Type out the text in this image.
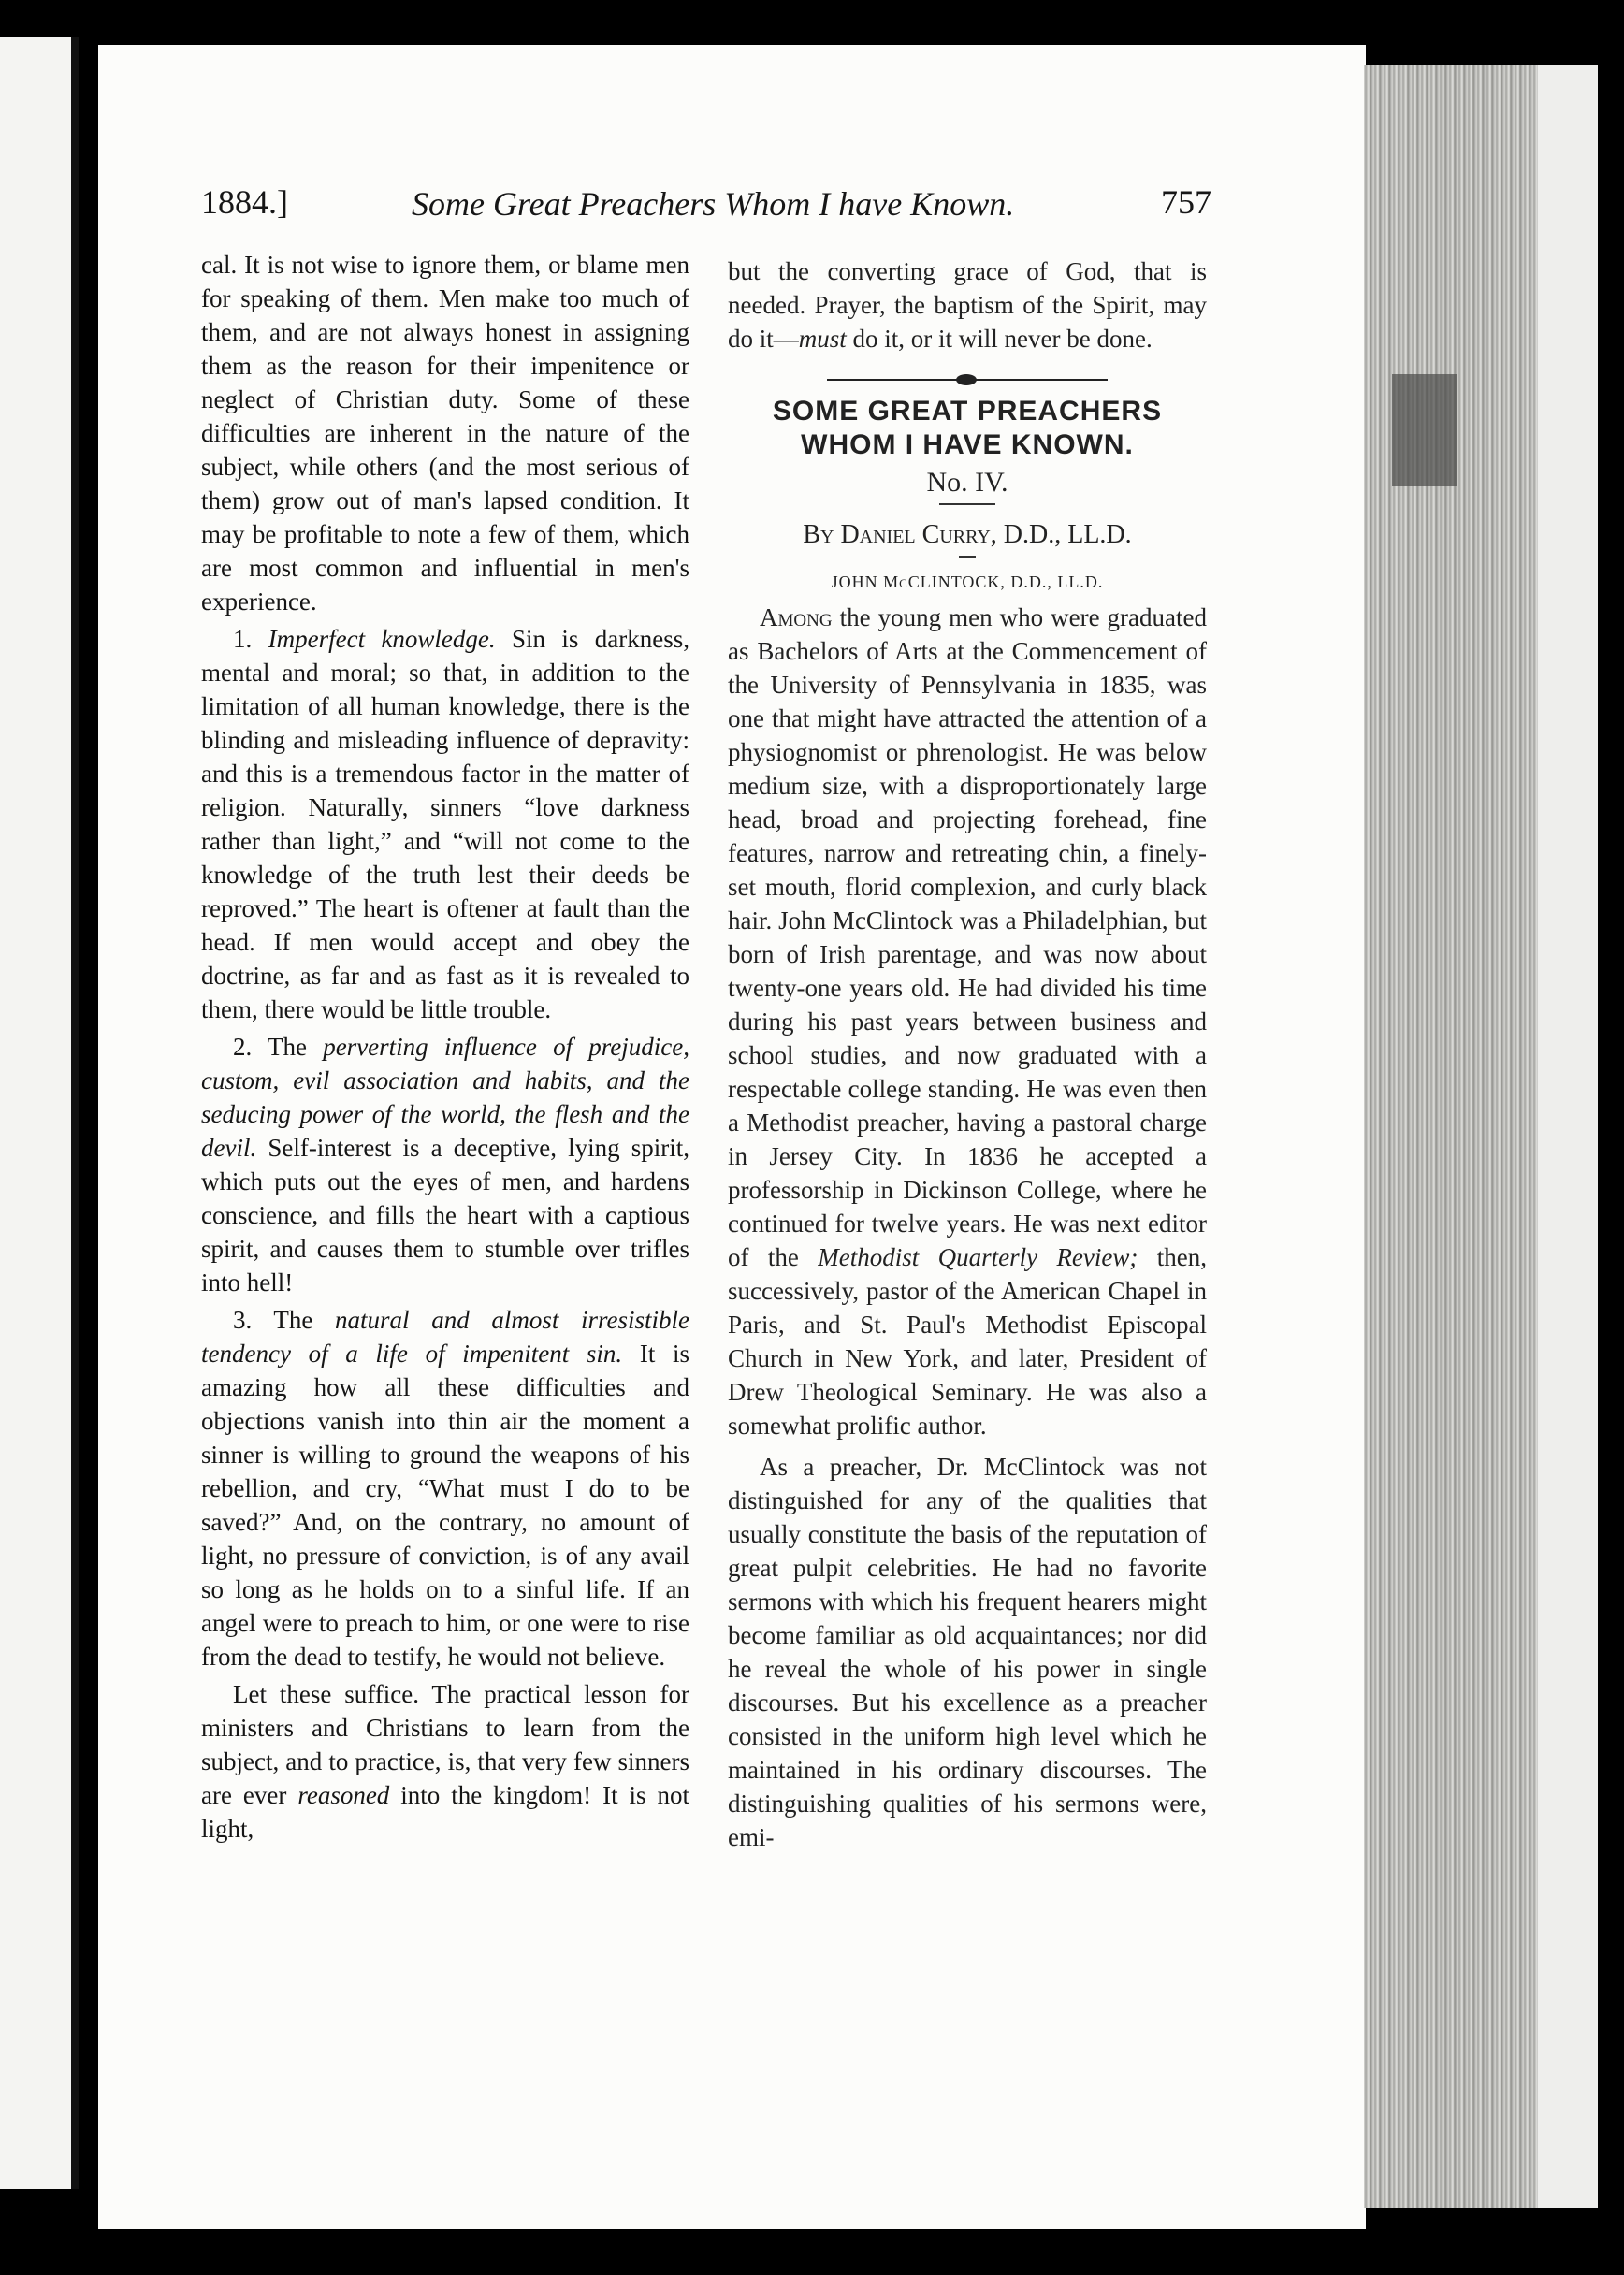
1884.]	Some Great Preachers Whom I have Known.	757

cal. It is not wise to ignore them, or blame men for speaking of them. Men make too much of them, and are not always honest in assigning them as the reason for their impenitence or neglect of Christian duty. Some of these difficulties are inherent in the nature of the subject, while others (and the most serious of them) grow out of man's lapsed condition. It may be profitable to note a few of them, which are most common and influential in men's experience.

1. Imperfect knowledge. Sin is darkness, mental and moral; so that, in addition to the limitation of all human knowledge, there is the blinding and misleading influence of depravity: and this is a tremendous factor in the matter of religion. Naturally, sinners “love darkness rather than light,” and “will not come to the knowledge of the truth lest their deeds be reproved.” The heart is oftener at fault than the head. If men would accept and obey the doctrine, as far and as fast as it is revealed to them, there would be little trouble.

2. The perverting influence of prejudice, custom, evil association and habits, and the seducing power of the world, the flesh and the devil. Self-interest is a deceptive, lying spirit, which puts out the eyes of men, and hardens conscience, and fills the heart with a captious spirit, and causes them to stumble over trifles into hell!

3. The natural and almost irresistible tendency of a life of impenitent sin. It is amazing how all these difficulties and objections vanish into thin air the moment a sinner is willing to ground the weapons of his rebellion, and cry, “What must I do to be saved?” And, on the contrary, no amount of light, no pressure of conviction, is of any avail so long as he holds on to a sinful life. If an angel were to preach to him, or one were to rise from the dead to testify, he would not believe.

Let these suffice. The practical lesson for ministers and Christians to learn from the subject, and to practice, is, that very few sinners are ever reasoned into the kingdom! It is not light,

but the converting grace of God, that is needed. Prayer, the baptism of the Spirit, may do it—must do it, or it will never be done.

SOME GREAT PREACHERS WHOM I HAVE KNOWN.
No. IV.
By Daniel Curry, D.D., LL.D.
JOHN McCLINTOCK, D.D., LL.D.

Among the young men who were graduated as Bachelors of Arts at the Commencement of the University of Pennsylvania in 1835, was one that might have attracted the attention of a physiognomist or phrenologist. He was below medium size, with a disproportionately large head, broad and projecting forehead, fine features, narrow and retreating chin, a finely-set mouth, florid complexion, and curly black hair. John McClintock was a Philadelphian, but born of Irish parentage, and was now about twenty-one years old. He had divided his time during his past years between business and school studies, and now graduated with a respectable college standing. He was even then a Methodist preacher, having a pastoral charge in Jersey City. In 1836 he accepted a professorship in Dickinson College, where he continued for twelve years. He was next editor of the Methodist Quarterly Review; then, successively, pastor of the American Chapel in Paris, and St. Paul's Methodist Episcopal Church in New York, and later, President of Drew Theological Seminary. He was also a somewhat prolific author.

As a preacher, Dr. McClintock was not distinguished for any of the qualities that usually constitute the basis of the reputation of great pulpit celebrities. He had no favorite sermons with which his frequent hearers might become familiar as old acquaintances; nor did he reveal the whole of his power in single discourses. But his excellence as a preacher consisted in the uniform high level which he maintained in his ordinary discourses. The distinguishing qualities of his sermons were, emi-
